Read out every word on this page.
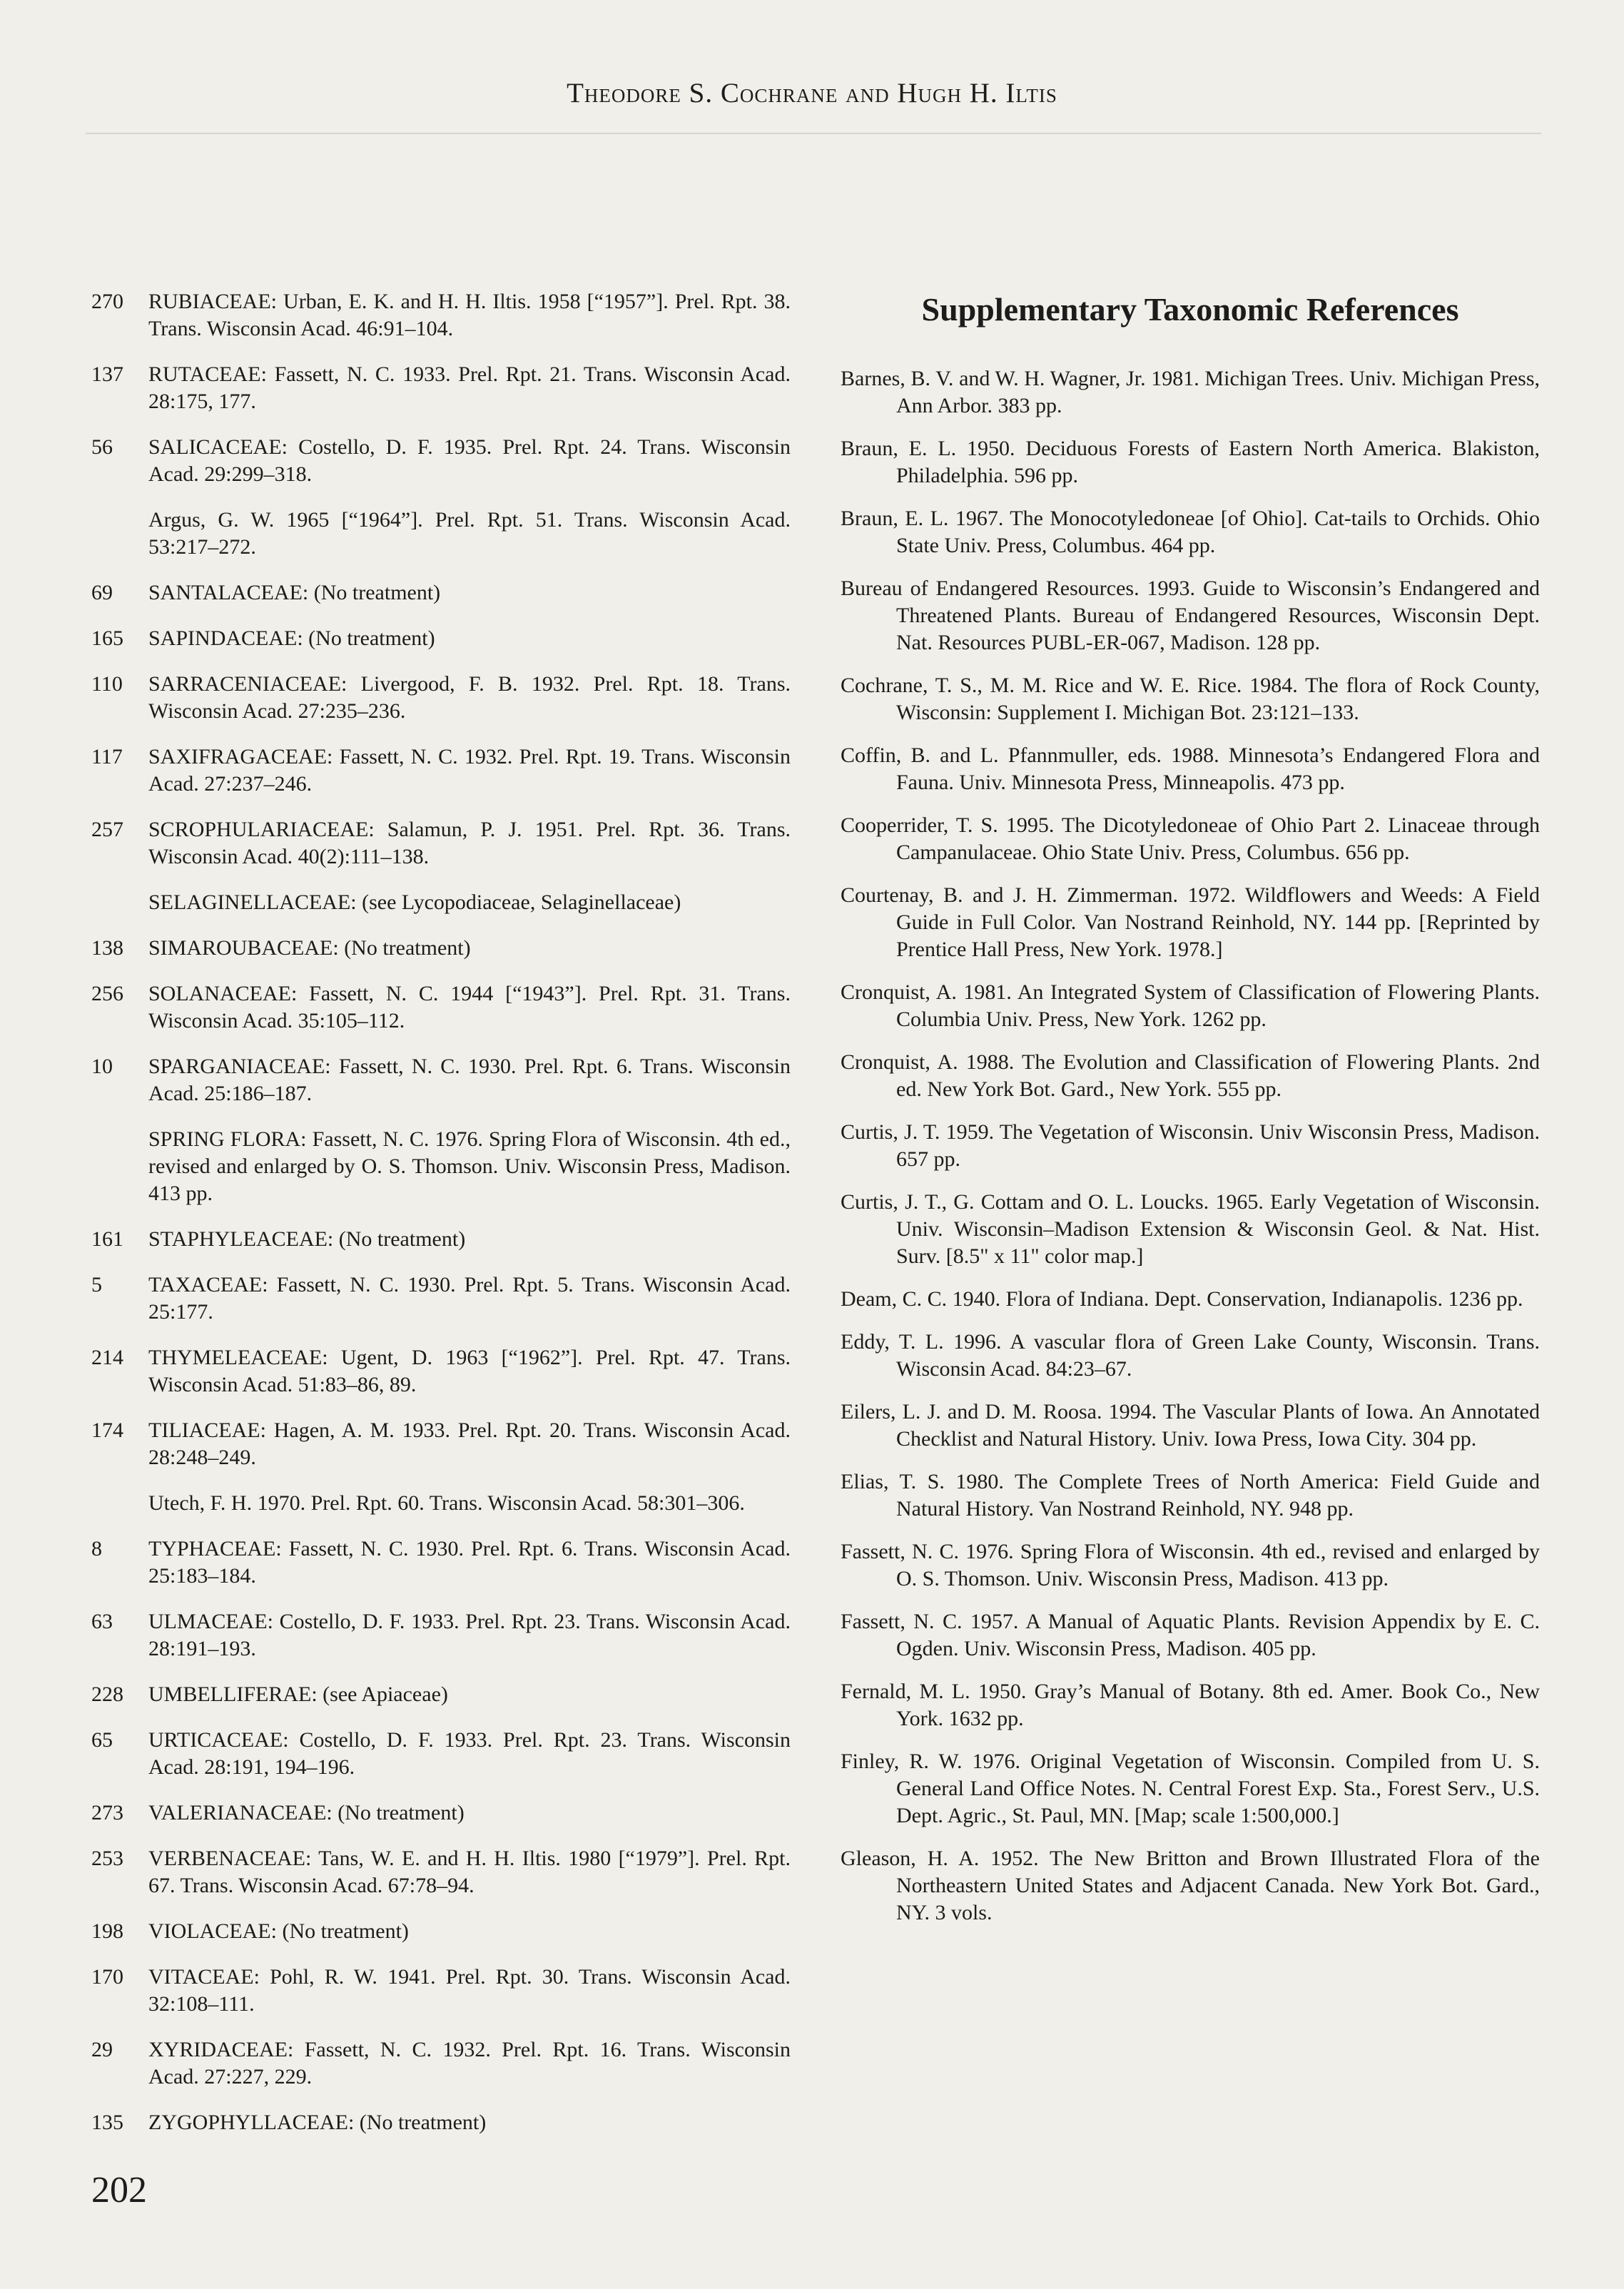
Theodore S. Cochrane and Hugh H. Iltis
270	RUBIACEAE: Urban, E. K. and H. H. Iltis. 1958 [“1957”]. Prel. Rpt. 38. Trans. Wisconsin Acad. 46:91–104.
137	RUTACEAE: Fassett, N. C. 1933. Prel. Rpt. 21. Trans. Wisconsin Acad. 28:175, 177.
56	SALICACEAE: Costello, D. F. 1935. Prel. Rpt. 24. Trans. Wisconsin Acad. 29:299–318.
Argus, G. W. 1965 [“1964”]. Prel. Rpt. 51. Trans. Wisconsin Acad. 53:217–272.
69	SANTALACEAE: (No treatment)
165	SAPINDACEAE: (No treatment)
110	SARRACENIACEAE: Livergood, F. B. 1932. Prel. Rpt. 18. Trans. Wisconsin Acad. 27:235–236.
117	SAXIFRAGACEAE: Fassett, N. C. 1932. Prel. Rpt. 19. Trans. Wisconsin Acad. 27:237–246.
257	SCROPHULARIACEAE: Salamun, P. J. 1951. Prel. Rpt. 36. Trans. Wisconsin Acad. 40(2):111–138.
SELAGINELLACEAE: (see Lycopodiaceae, Selaginellaceae)
138	SIMAROUBACEAE: (No treatment)
256	SOLANACEAE: Fassett, N. C. 1944 [“1943”]. Prel. Rpt. 31. Trans. Wisconsin Acad. 35:105–112.
10	SPARGANIACEAE: Fassett, N. C. 1930. Prel. Rpt. 6. Trans. Wisconsin Acad. 25:186–187.
SPRING FLORA: Fassett, N. C. 1976. Spring Flora of Wisconsin. 4th ed., revised and enlarged by O. S. Thomson. Univ. Wisconsin Press, Madison. 413 pp.
161	STAPHYLEACEAE: (No treatment)
5	TAXACEAE: Fassett, N. C. 1930. Prel. Rpt. 5. Trans. Wisconsin Acad. 25:177.
214	THYMELEACEAE: Ugent, D. 1963 [“1962”]. Prel. Rpt. 47. Trans. Wisconsin Acad. 51:83–86, 89.
174	TILIACEAE: Hagen, A. M. 1933. Prel. Rpt. 20. Trans. Wisconsin Acad. 28:248–249.
Utech, F. H. 1970. Prel. Rpt. 60. Trans. Wisconsin Acad. 58:301–306.
8	TYPHACEAE: Fassett, N. C. 1930. Prel. Rpt. 6. Trans. Wisconsin Acad. 25:183–184.
63	ULMACEAE: Costello, D. F. 1933. Prel. Rpt. 23. Trans. Wisconsin Acad. 28:191–193.
228	UMBELLIFERAE: (see Apiaceae)
65	URTICACEAE: Costello, D. F. 1933. Prel. Rpt. 23. Trans. Wisconsin Acad. 28:191, 194–196.
273	VALERIANACEAE: (No treatment)
253	VERBENACEAE: Tans, W. E. and H. H. Iltis. 1980 [“1979”]. Prel. Rpt. 67. Trans. Wisconsin Acad. 67:78–94.
198	VIOLACEAE: (No treatment)
170	VITACEAE: Pohl, R. W. 1941. Prel. Rpt. 30. Trans. Wisconsin Acad. 32:108–111.
29	XYRIDACEAE: Fassett, N. C. 1932. Prel. Rpt. 16. Trans. Wisconsin Acad. 27:227, 229.
135	ZYGOPHYLLACEAE: (No treatment)
Supplementary Taxonomic References
Barnes, B. V. and W. H. Wagner, Jr. 1981. Michigan Trees. Univ. Michigan Press, Ann Arbor. 383 pp.
Braun, E. L. 1950. Deciduous Forests of Eastern North America. Blakiston, Philadelphia. 596 pp.
Braun, E. L. 1967. The Monocotyledoneae [of Ohio]. Cat-tails to Orchids. Ohio State Univ. Press, Columbus. 464 pp.
Bureau of Endangered Resources. 1993. Guide to Wisconsin’s Endangered and Threatened Plants. Bureau of Endangered Resources, Wisconsin Dept. Nat. Resources PUBL-ER-067, Madison. 128 pp.
Cochrane, T. S., M. M. Rice and W. E. Rice. 1984. The flora of Rock County, Wisconsin: Supplement I. Michigan Bot. 23:121–133.
Coffin, B. and L. Pfannmuller, eds. 1988. Minnesota’s Endangered Flora and Fauna. Univ. Minnesota Press, Minneapolis. 473 pp.
Cooperrider, T. S. 1995. The Dicotyledoneae of Ohio Part 2. Linaceae through Campanulaceae. Ohio State Univ. Press, Columbus. 656 pp.
Courtenay, B. and J. H. Zimmerman. 1972. Wildflowers and Weeds: A Field Guide in Full Color. Van Nostrand Reinhold, NY. 144 pp. [Reprinted by Prentice Hall Press, New York. 1978.]
Cronquist, A. 1981. An Integrated System of Classification of Flowering Plants. Columbia Univ. Press, New York. 1262 pp.
Cronquist, A. 1988. The Evolution and Classification of Flowering Plants. 2nd ed. New York Bot. Gard., New York. 555 pp.
Curtis, J. T. 1959. The Vegetation of Wisconsin. Univ Wisconsin Press, Madison. 657 pp.
Curtis, J. T., G. Cottam and O. L. Loucks. 1965. Early Vegetation of Wisconsin. Univ. Wisconsin–Madison Extension & Wisconsin Geol. & Nat. Hist. Surv. [8.5" x 11" color map.]
Deam, C. C. 1940. Flora of Indiana. Dept. Conservation, Indianapolis. 1236 pp.
Eddy, T. L. 1996. A vascular flora of Green Lake County, Wisconsin. Trans. Wisconsin Acad. 84:23–67.
Eilers, L. J. and D. M. Roosa. 1994. The Vascular Plants of Iowa. An Annotated Checklist and Natural History. Univ. Iowa Press, Iowa City. 304 pp.
Elias, T. S. 1980. The Complete Trees of North America: Field Guide and Natural History. Van Nostrand Reinhold, NY. 948 pp.
Fassett, N. C. 1976. Spring Flora of Wisconsin. 4th ed., revised and enlarged by O. S. Thomson. Univ. Wisconsin Press, Madison. 413 pp.
Fassett, N. C. 1957. A Manual of Aquatic Plants. Revision Appendix by E. C. Ogden. Univ. Wisconsin Press, Madison. 405 pp.
Fernald, M. L. 1950. Gray’s Manual of Botany. 8th ed. Amer. Book Co., New York. 1632 pp.
Finley, R. W. 1976. Original Vegetation of Wisconsin. Compiled from U. S. General Land Office Notes. N. Central Forest Exp. Sta., Forest Serv., U.S. Dept. Agric., St. Paul, MN. [Map; scale 1:500,000.]
Gleason, H. A. 1952. The New Britton and Brown Illustrated Flora of the Northeastern United States and Adjacent Canada. New York Bot. Gard., NY. 3 vols.
202
